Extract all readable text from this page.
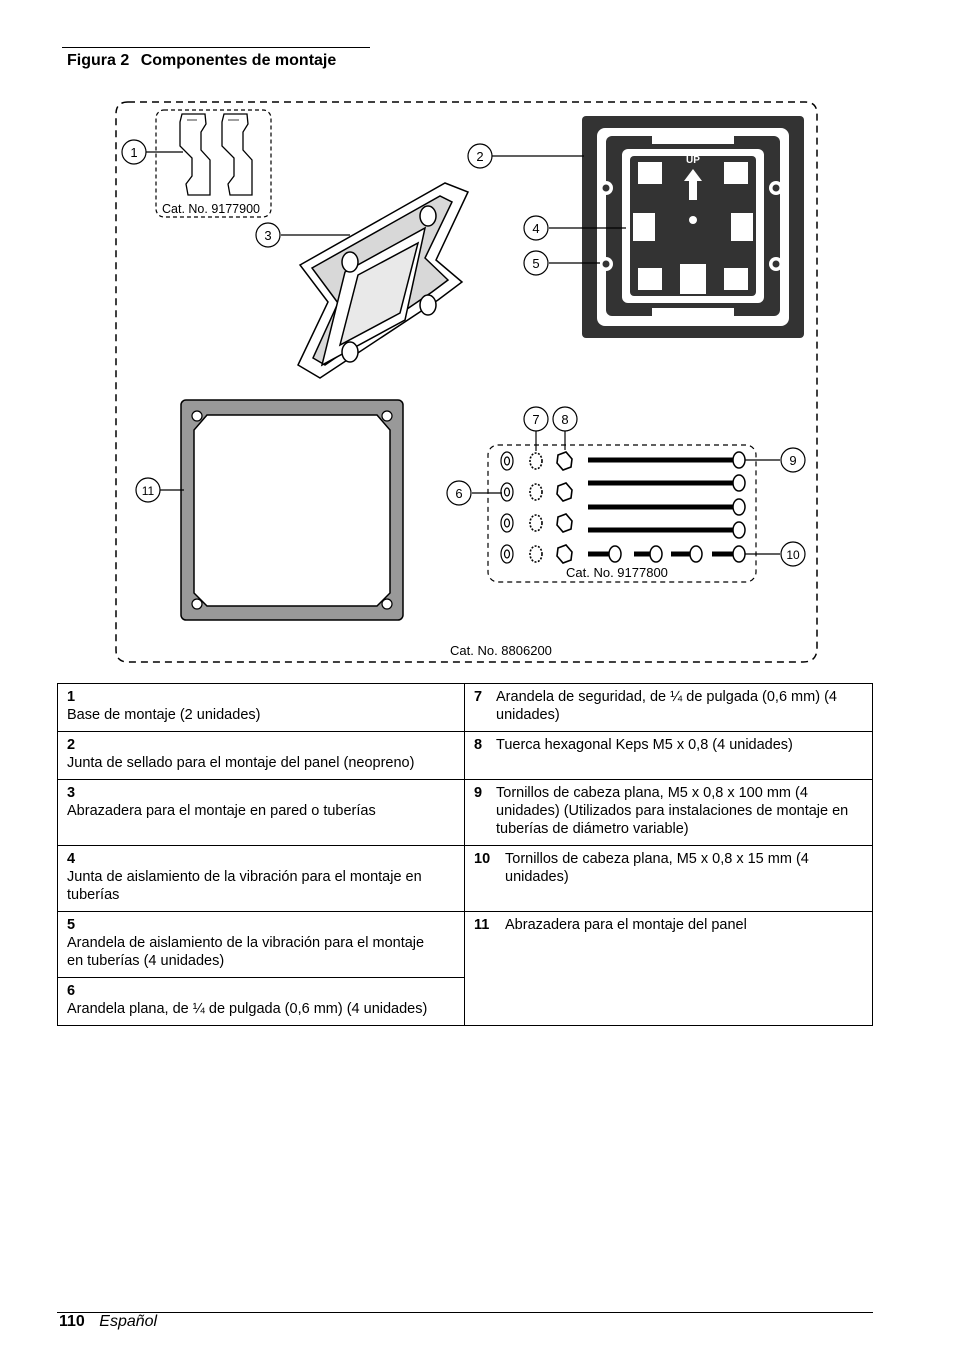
Figura 2 Componentes de montaje
Cat. No. 9177900
UP
Cat. No. 9177800
Cat. No. 8806200
1	2
3	4
5
6
7 8
9
10
11
1Base de montaje (2 unidades)	7 Arandela de seguridad, de ¼ de pulgada (0,6 mm) (4 unidades)
2Junta de sellado para el montaje del panel (neopreno)	8 Tuerca hexagonal Keps M5 x 0,8 (4 unidades)
3Abrazadera para el montaje en pared o tuberías	9 Tornillos de cabeza plana, M5 x 0,8 x 100 mm (4 unidades) (Utilizados para instalaciones de montaje en tuberías de diámetro variable)
4Junta de aislamiento de la vibración para el montaje en tuberías	10 Tornillos de cabeza plana, M5 x 0,8 x 15 mm (4 unidades)
5Arandela de aislamiento de la vibración para el montaje en tuberías (4 unidades)	11 Abrazadera para el montaje del panel
6Arandela plana, de ¼ de pulgada (0,6 mm) (4 unidades)	
110 Español
